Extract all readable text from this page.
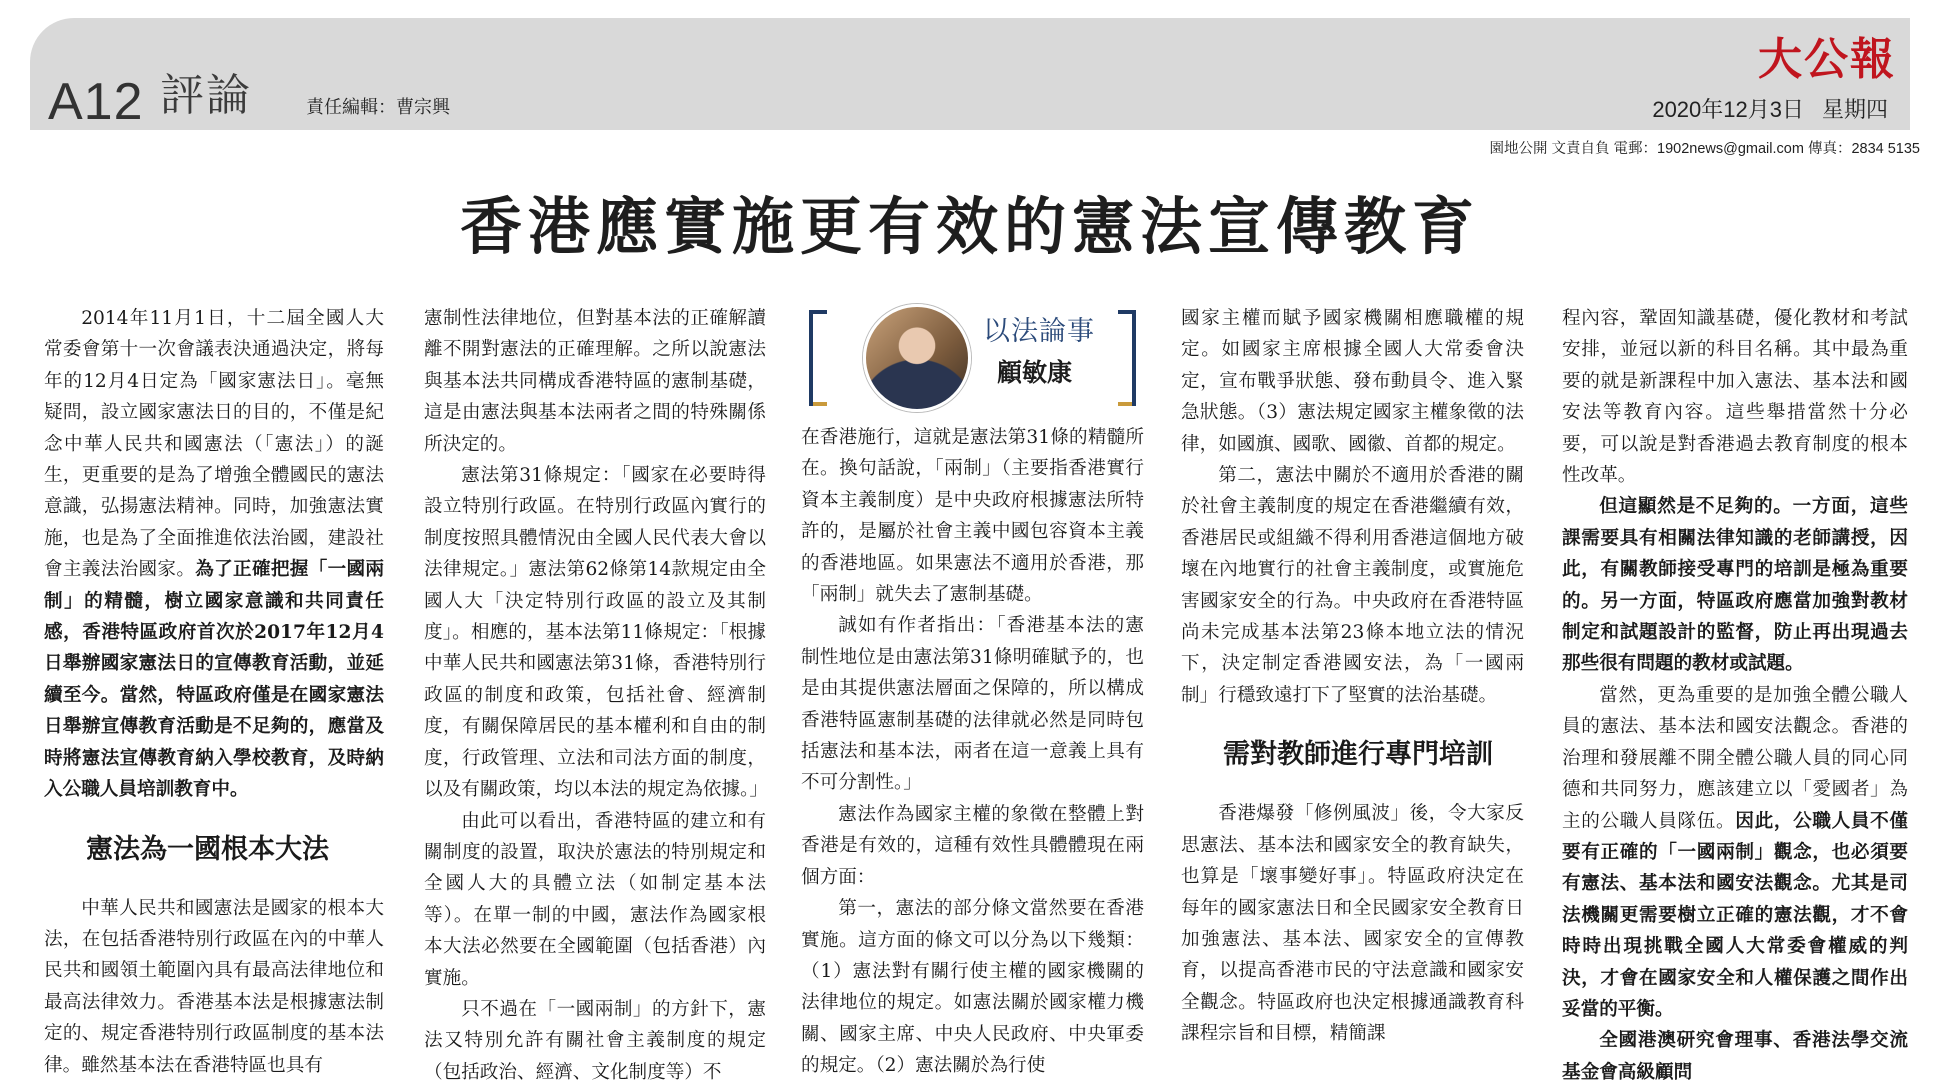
A12 評論	責任編輯：曹宗興
大公報
2020年12月3日 星期四
園地公開 文責自負 電郵：1902news@gmail.com 傳真：2834 5135
香港應實施更有效的憲法宣傳教育

2014年11月1日，十二屆全國人大常委會第十一次會議表決通過決定，將每年的12月4日定為「國家憲法日」。毫無疑問，設立國家憲法日的目的，不僅是紀念中華人民共和國憲法（「憲法」）的誕生，更重要的是為了增強全體國民的憲法意識，弘揚憲法精神。同時，加強憲法實施，也是為了全面推進依法治國，建設社會主義法治國家。為了正確把握「一國兩制」的精髓，樹立國家意識和共同責任感，香港特區政府首次於2017年12月4日舉辦國家憲法日的宣傳教育活動，並延續至今。當然，特區政府僅是在國家憲法日舉辦宣傳教育活動是不足夠的，應當及時將憲法宣傳教育納入學校教育，及時納入公職人員培訓教育中。

憲法為一國根本大法

中華人民共和國憲法是國家的根本大法，在包括香港特別行政區在內的中華人民共和國領土範圍內具有最高法律地位和最高法律效力。香港基本法是根據憲法制定的、規定香港特別行政區制度的基本法律。雖然基本法在香港特區也具有

憲制性法律地位，但對基本法的正確解讀離不開對憲法的正確理解。之所以說憲法與基本法共同構成香港特區的憲制基礎，這是由憲法與基本法兩者之間的特殊關係所決定的。

憲法第31條規定：「國家在必要時得設立特別行政區。在特別行政區內實行的制度按照具體情況由全國人民代表大會以法律規定。」憲法第62條第14款規定由全國人大「決定特別行政區的設立及其制度」。相應的，基本法第11條規定：「根據中華人民共和國憲法第31條，香港特別行政區的制度和政策，包括社會、經濟制度，有關保障居民的基本權利和自由的制度，行政管理、立法和司法方面的制度，以及有關政策，均以本法的規定為依據。」

由此可以看出，香港特區的建立和有關制度的設置，取決於憲法的特別規定和全國人大的具體立法（如制定基本法等）。在單一制的中國，憲法作為國家根本大法必然要在全國範圍（包括香港）內實施。

只不過在「一國兩制」的方針下，憲法又特別允許有關社會主義制度的規定（包括政治、經濟、文化制度等）不

以法論事
顧敏康

在香港施行，這就是憲法第31條的精髓所在。換句話說，「兩制」（主要指香港實行資本主義制度）是中央政府根據憲法所特許的，是屬於社會主義中國包容資本主義的香港地區。如果憲法不適用於香港，那「兩制」就失去了憲制基礎。

誠如有作者指出：「香港基本法的憲制性地位是由憲法第31條明確賦予的，也是由其提供憲法層面之保障的，所以構成香港特區憲制基礎的法律就必然是同時包括憲法和基本法，兩者在這一意義上具有不可分割性。」

憲法作為國家主權的象徵在整體上對香港是有效的，這種有效性具體體現在兩個方面：

第一，憲法的部分條文當然要在香港實施。這方面的條文可以分為以下幾類：（1）憲法對有關行使主權的國家機關的法律地位的規定。如憲法關於國家權力機關、國家主席、中央人民政府、中央軍委的規定。（2）憲法關於為行使

國家主權而賦予國家機關相應職權的規定。如國家主席根據全國人大常委會決定，宣布戰爭狀態、發布動員令、進入緊急狀態。（3）憲法規定國家主權象徵的法律，如國旗、國歌、國徽、首都的規定。

第二，憲法中關於不適用於香港的關於社會主義制度的規定在香港繼續有效，香港居民或組織不得利用香港這個地方破壞在內地實行的社會主義制度，或實施危害國家安全的行為。中央政府在香港特區尚未完成基本法第23條本地立法的情況下，決定制定香港國安法，為「一國兩制」行穩致遠打下了堅實的法治基礎。

需對教師進行專門培訓

香港爆發「修例風波」後，令大家反思憲法、基本法和國家安全的教育缺失，也算是「壞事變好事」。特區政府決定在每年的國家憲法日和全民國家安全教育日加強憲法、基本法、國家安全的宣傳教育，以提高香港市民的守法意識和國家安全觀念。特區政府也決定根據通識教育科課程宗旨和目標，精簡課

程內容，鞏固知識基礎，優化教材和考試安排，並冠以新的科目名稱。其中最為重要的就是新課程中加入憲法、基本法和國安法等教育內容。這些舉措當然十分必要，可以說是對香港過去教育制度的根本性改革。

但這顯然是不足夠的。一方面，這些課需要具有相關法律知識的老師講授，因此，有關教師接受專門的培訓是極為重要的。另一方面，特區政府應當加強對教材制定和試題設計的監督，防止再出現過去那些很有問題的教材或試題。

當然，更為重要的是加強全體公職人員的憲法、基本法和國安法觀念。香港的治理和發展離不開全體公職人員的同心同德和共同努力，應該建立以「愛國者」為主的公職人員隊伍。因此，公職人員不僅要有正確的「一國兩制」觀念，也必須要有憲法、基本法和國安法觀念。尤其是司法機關更需要樹立正確的憲法觀，才不會時時出現挑戰全國人大常委會權威的判決，才會在國家安全和人權保護之間作出妥當的平衡。

全國港澳研究會理事、香港法學交流基金會高級顧問
